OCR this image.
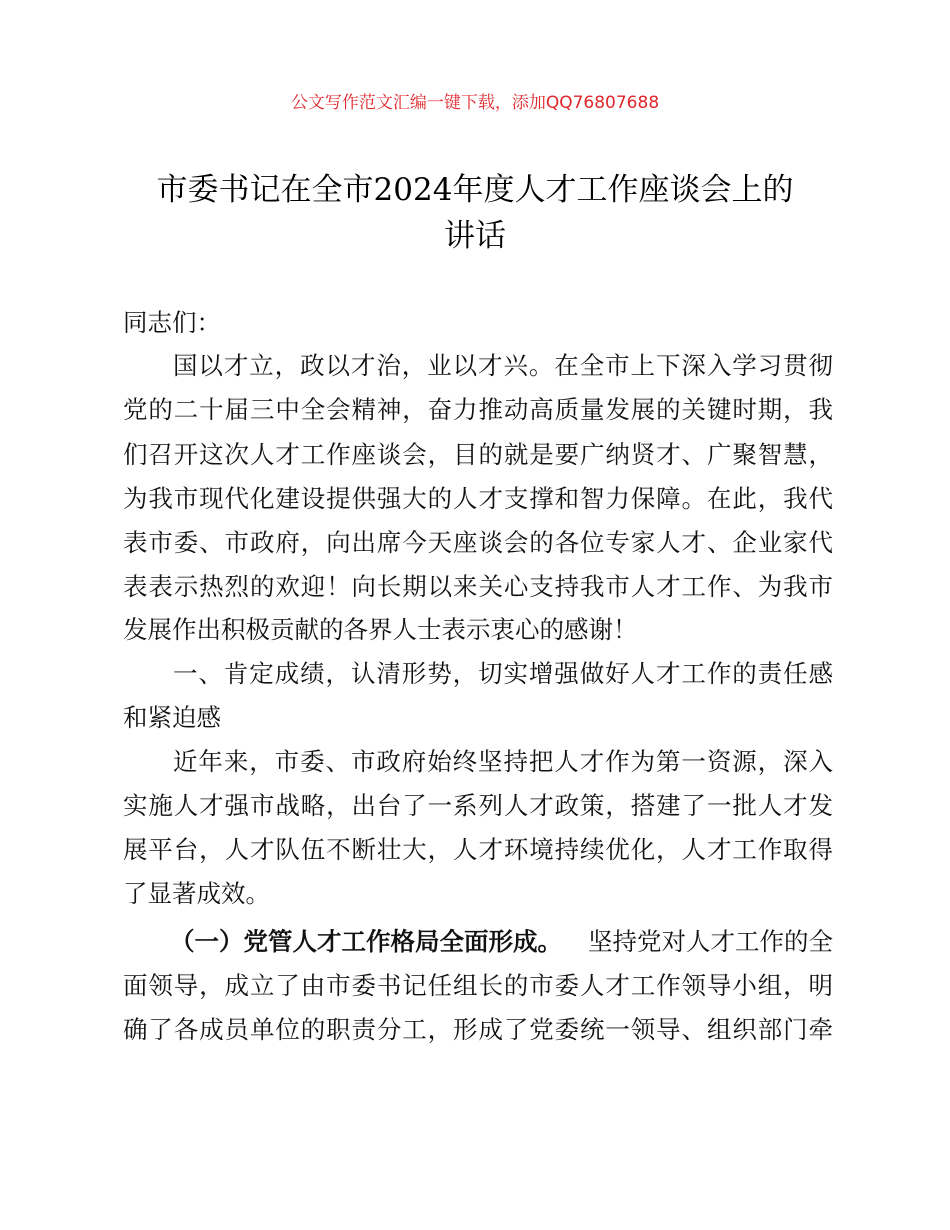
公文写作范文汇编一键下载，添加QQ76807688
市委书记在全市2024年度人才工作座谈会上的
讲话
同志们：
国以才立，政以才治，业以才兴。在全市上下深入学习贯彻
党的二十届三中全会精神，奋力推动高质量发展的关键时期，我
们召开这次人才工作座谈会，目的就是要广纳贤才、广聚智慧，
为我市现代化建设提供强大的人才支撑和智力保障。在此，我代
表市委、市政府，向出席今天座谈会的各位专家人才、企业家代
表表示热烈的欢迎！向长期以来关心支持我市人才工作、为我市
发展作出积极贡献的各界人士表示衷心的感谢！
一、肯定成绩，认清形势，切实增强做好人才工作的责任感
和紧迫感
近年来，市委、市政府始终坚持把人才作为第一资源，深入
实施人才强市战略，出台了一系列人才政策，搭建了一批人才发
展平台，人才队伍不断壮大，人才环境持续优化，人才工作取得
了显著成效。
（一）党管人才工作格局全面形成。 坚持党对人才工作的全
面领导，成立了由市委书记任组长的市委人才工作领导小组，明
确了各成员单位的职责分工，形成了党委统一领导、组织部门牵
